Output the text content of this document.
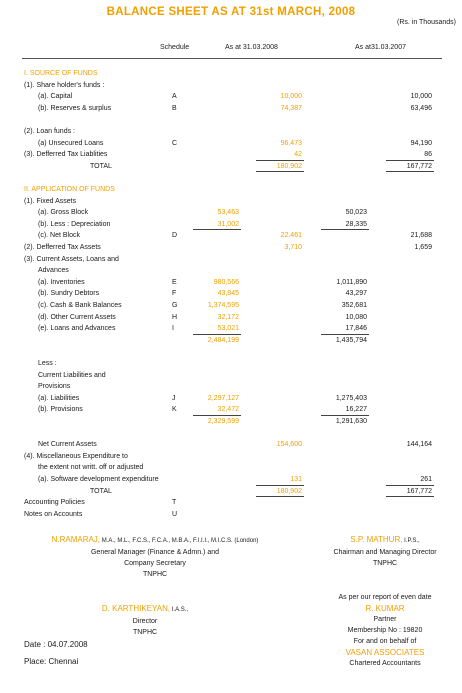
BALANCE SHEET AS AT 31st MARCH, 2008
(Rs. in Thousands)
Schedule	As at 31.03.2008	As at31.03.2007
I. SOURCE OF FUNDS
(1). Share holder's funds :
(a). Capital	A	10,000	10,000
(b). Reserves & surplus	B	74,387	63,496
(2). Loan funds :
(a) Unsecured Loans	C	96,473	94,190
(3). Defferred Tax Liablities	42	86
TOTAL	180,902	167,772
II. APPLICATION OF FUNDS
(1). Fixed Assets
(a). Gross Block	53,463	50,023
(b). Less : Depreciation	31,002	28,335
(c). Net Block	D	22,461	21,688
(2). Defferred Tax Assets	3,710	1,659
(3). Current Assets, Loans and
Advances
(a). Inventories	E	980,566	1,011,890
(b). Sundry Debtors	F	43,845	43,297
(c). Cash & Bank Balances	G	1,374,595	352,681
(d). Other Current Assets	H	32,172	10,080
(e). Loans and Advances	I	53,021	17,846
2,484,199	1,435,794
Less :
Current Liabilities and
Provisions
(a). Liabilities	J	2,297,127	1,275,403
(b). Provisions	K	32,472	16,227
2,329,599	1,291,630
Net Current Assets	154,600	144,164
(4). Miscellaneous Expenditure to
the extent not writt. off or adjusted
(a). Software development expenditure	131	261
TOTAL	180,902	167,772
Accounting Policies	T
Notes on Accounts	U
N.RAMARAJ, M.A., M.L., F.C.S., F.C.A., M.B.A., F.I.I.I., M.I.C.S. (London)
General Manager (Finance & Admn.) and
Company Secretary
TNPHC
S.P. MATHUR, I.P.S.,
Chairman and Managing Director
TNPHC
As per our report of even date
R. KUMAR
Partner
Membership No : 19820
For and on behalf of
VASAN ASSOCIATES
Chartered Accountants
D. KARTHIKEYAN, I.A.S.,
Director
TNPHC
Date : 04.07.2008
Place: Chennai
